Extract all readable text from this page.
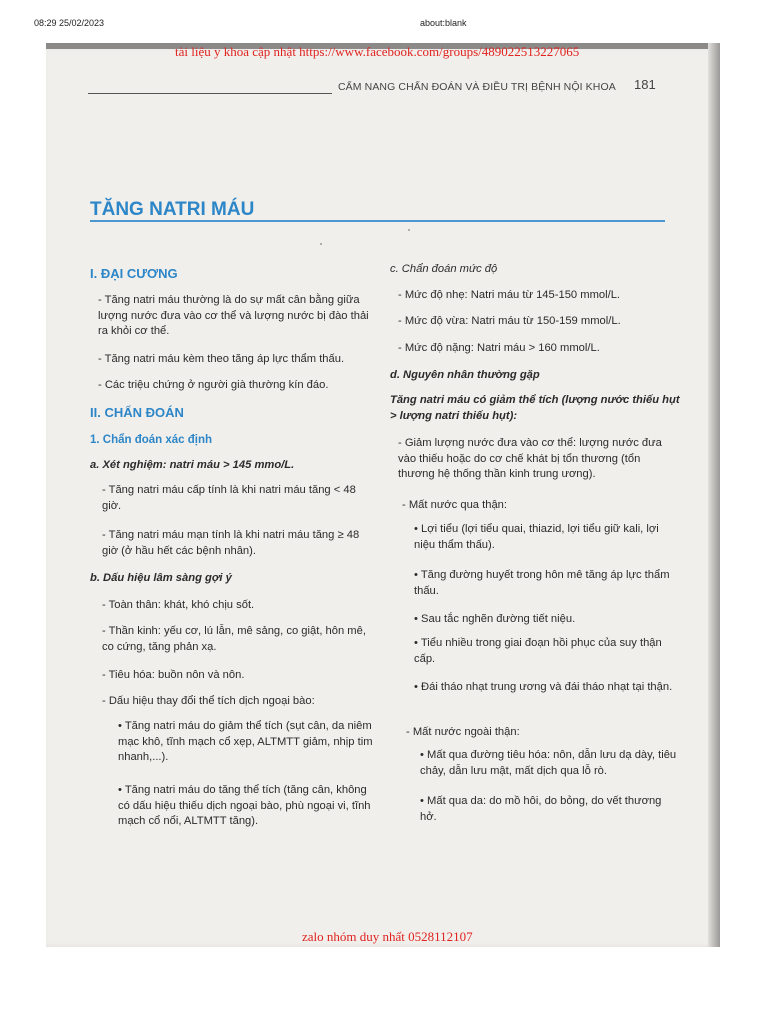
08:29 25/02/2023	about:blank
tài liệu y khoa cập nhật https://www.facebook.com/groups/489022513227065
CẨM NANG CHẨN ĐOÁN VÀ ĐIỀU TRỊ BỆNH NỘI KHOA 181
TĂNG NATRI MÁU
I. ĐẠI CƯƠNG
- Tăng natri máu thường là do sự mất cân bằng giữa lượng nước đưa vào cơ thể và lượng nước bị đào thải ra khỏi cơ thể.
- Tăng natri máu kèm theo tăng áp lực thẩm thấu.
- Các triệu chứng ở người già thường kín đáo.
II. CHẨN ĐOÁN
1. Chẩn đoán xác định
a. Xét nghiệm: natri máu > 145 mmo/L.
- Tăng natri máu cấp tính là khi natri máu tăng < 48 giờ.
- Tăng natri máu mạn tính là khi natri máu tăng ≥ 48 giờ (ở hầu hết các bệnh nhân).
b. Dấu hiệu lâm sàng gợi ý
- Toàn thân: khát, khó chịu sốt.
- Thần kinh: yếu cơ, lú lẫn, mê sảng, co giật, hôn mê, co cứng, tăng phản xạ.
- Tiêu hóa: buồn nôn và nôn.
- Dấu hiệu thay đổi thể tích dịch ngoại bào:
• Tăng natri máu do giảm thể tích (sụt cân, da niêm mạc khô, tĩnh mạch cổ xẹp, ALTMTT giảm, nhịp tim nhanh,...).
• Tăng natri máu do tăng thể tích (tăng cân, không có dấu hiệu thiếu dịch ngoại bào, phù ngoại vi, tĩnh mạch cổ nổi, ALTMTT tăng).
c. Chẩn đoán mức độ
- Mức độ nhẹ: Natri máu từ 145-150 mmol/L.
- Mức độ vừa: Natri máu từ 150-159 mmol/L.
- Mức độ nặng: Natri máu > 160 mmol/L.
d. Nguyên nhân thường gặp
Tăng natri máu có giảm thể tích (lượng nước thiếu hụt > lượng natri thiếu hụt):
- Giảm lượng nước đưa vào cơ thể: lượng nước đưa vào thiếu hoặc do cơ chế khát bị tổn thương (tổn thương hệ thống thần kinh trung ương).
- Mất nước qua thận:
• Lợi tiểu (lợi tiểu quai, thiazid, lợi tiểu giữ kali, lợi niệu thẩm thấu).
• Tăng đường huyết trong hôn mê tăng áp lực thẩm thấu.
• Sau tắc nghẽn đường tiết niệu.
• Tiểu nhiều trong giai đoạn hồi phục của suy thận cấp.
• Đái tháo nhạt trung ương và đái tháo nhạt tại thận.
- Mất nước ngoài thận:
• Mất qua đường tiêu hóa: nôn, dẫn lưu dạ dày, tiêu chảy, dẫn lưu mật, mất dịch qua lỗ rò.
• Mất qua da: do mồ hôi, do bỏng, do vết thương hở.
zalo nhóm duy nhất 0528112107
